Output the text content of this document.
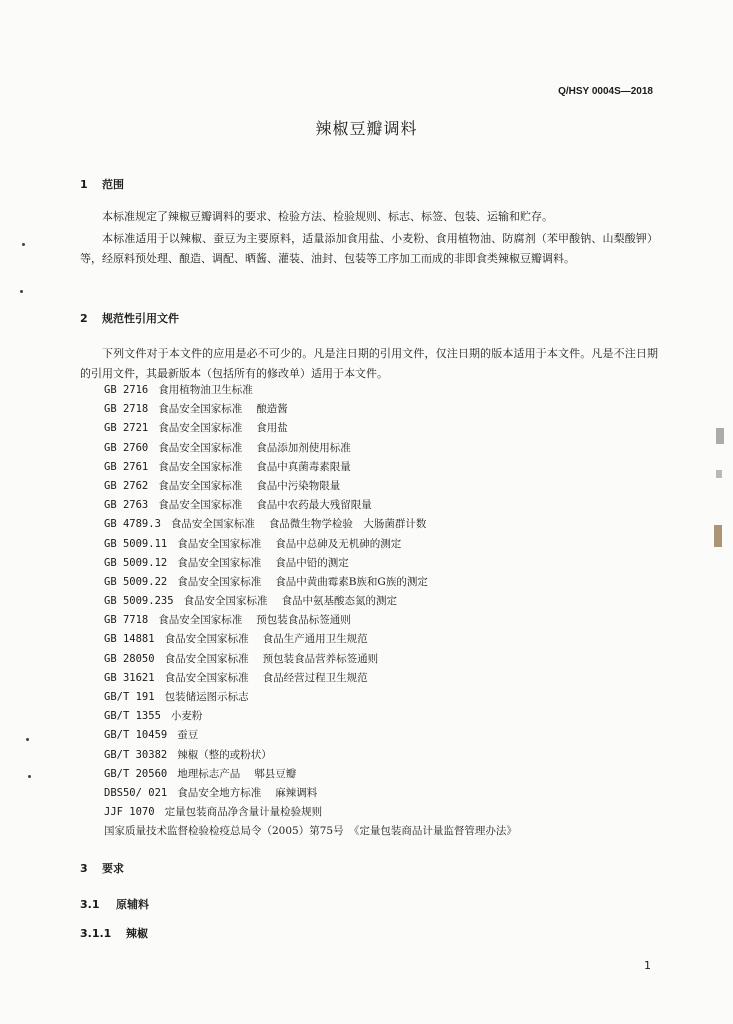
Q/HSY 0004S—2018
辣椒豆瓣调料
1 范围
本标准规定了辣椒豆瓣调料的要求、检验方法、检验规则、标志、标签、包装、运输和贮存。
本标准适用于以辣椒、蚕豆为主要原料，适量添加食用盐、小麦粉、食用植物油、防腐剂（苯甲酸钠、山梨酸钾）等，经原料预处理、酿造、调配、晒酱、灌装、油封、包装等工序加工而成的非即食类辣椒豆瓣调料。
2 规范性引用文件
下列文件对于本文件的应用是必不可少的。凡是注日期的引用文件，仅注日期的版本适用于本文件。凡是不注日期的引用文件，其最新版本（包括所有的修改单）适用于本文件。
GB 2716 食用植物油卫生标准
GB 2718 食品安全国家标准 酿造酱
GB 2721 食品安全国家标准 食用盐
GB 2760 食品安全国家标准 食品添加剂使用标准
GB 2761 食品安全国家标准 食品中真菌毒素限量
GB 2762 食品安全国家标准 食品中污染物限量
GB 2763 食品安全国家标准 食品中农药最大残留限量
GB 4789.3 食品安全国家标准 食品微生物学检验　大肠菌群计数
GB 5009.11 食品安全国家标准 食品中总砷及无机砷的测定
GB 5009.12 食品安全国家标准 食品中铅的测定
GB 5009.22 食品安全国家标准 食品中黄曲霉素B族和G族的测定
GB 5009.235 食品安全国家标准 食品中氨基酸态氮的测定
GB 7718 食品安全国家标准 预包装食品标签通则
GB 14881 食品安全国家标准 食品生产通用卫生规范
GB 28050 食品安全国家标准 预包装食品营养标签通则
GB 31621 食品安全国家标准 食品经营过程卫生规范
GB/T 191 包装储运图示标志
GB/T 1355 小麦粉
GB/T 10459 蚕豆
GB/T 30382 辣椒（整的或粉状）
GB/T 20560 地理标志产品 郫县豆瓣
DBS50/ 021 食品安全地方标准 麻辣调料
JJF 1070 定量包装商品净含量计量检验规则
国家质量技术监督检验检疫总局令（2005）第75号　《定量包装商品计量监督管理办法》
3 要求
3.1 原辅料
3.1.1 辣椒
1
